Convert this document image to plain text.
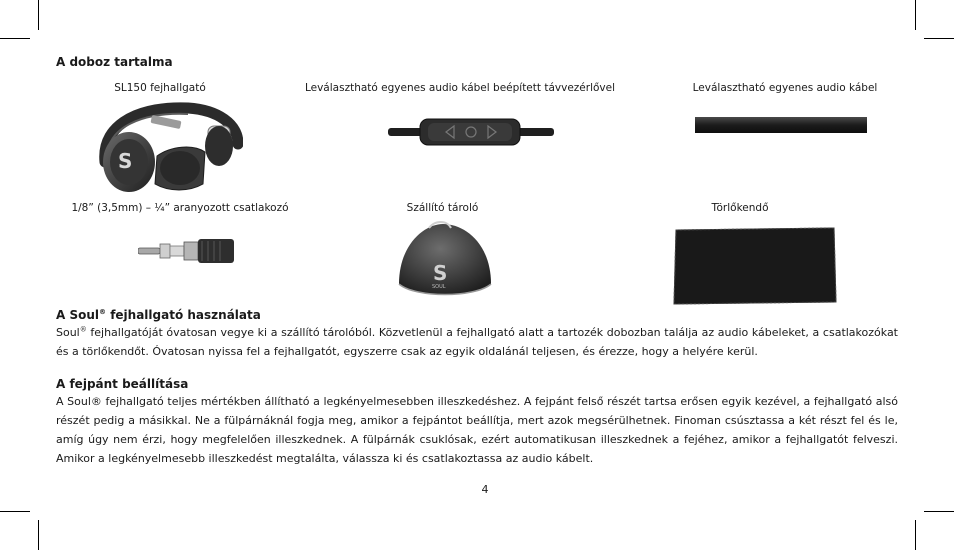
A doboz tartalma
SL150 fejhallgató	Leválasztható egyenes audio kábel beépített távvezérlővel	Leválasztható egyenes audio kábel
S
1/8” (3,5mm) – ¼” aranyozott csatlakozó	Szállító tároló	Törlőkendő
S
SOUL
A Soul® fejhallgató használata

Soul® fejhallgatóját óvatosan vegye ki a szállító tárolóból. Közvetlenül a fejhallgató alatt a tartozék dobozban találja az audio kábeleket, a csatlakozókat és a törlőkendőt. Óvatosan nyissa fel a fejhallgatót, egyszerre csak az egyik oldalánál teljesen, és érezze, hogy a helyére kerül.

A fejpánt beállítása

A Soul® fejhallgató teljes mértékben állítható a legkényelmesebben illeszkedéshez. A fejpánt felső részét tartsa erősen egyik kezével, a fejhallgató alsó részét pedig a másikkal. Ne a fülpárnáknál fogja meg, amikor a fejpántot beállítja, mert azok megsérülhetnek. Finoman csúsztassa a két részt fel és le, amíg úgy nem érzi, hogy megfelelően illeszkednek. A fülpárnák csuklósak, ezért automatikusan illeszkednek a fejéhez, amikor a fejhallgatót felveszi. Amikor a legkényelmesebb illeszkedést megtalálta, válassza ki és csatlakoztassa az audio kábelt.

4
